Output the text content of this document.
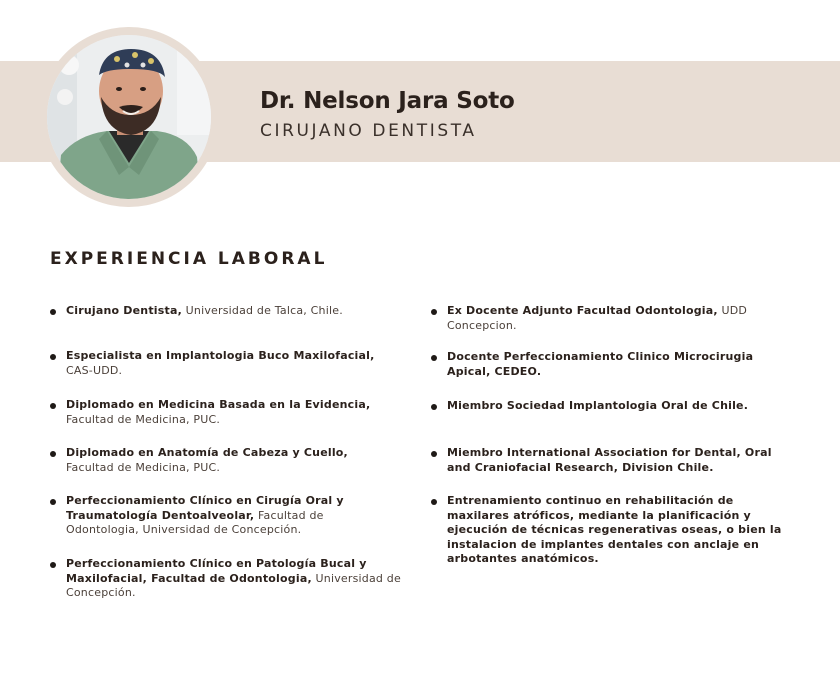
Dr. Nelson Jara Soto
CIRUJANO DENTISTA
EXPERIENCIA LABORAL
Cirujano Dentista, Universidad de Talca, Chile.
Especialista en Implantologia Buco Maxilofacial, CAS-UDD.
Diplomado en Medicina Basada en la Evidencia, Facultad de Medicina, PUC.
Diplomado en Anatomía de Cabeza y Cuello, Facultad de Medicina, PUC.
Perfeccionamiento Clínico en Cirugía Oral y Traumatología Dentoalveolar, Facultad de Odontologia, Universidad de Concepción.
Perfeccionamiento Clínico en Patología Bucal y Maxilofacial, Facultad de Odontologia, Universidad de Concepción.
Ex Docente Adjunto Facultad Odontologia, UDD Concepcion.
Docente Perfeccionamiento Clinico Microcirugia Apical, CEDEO.
Miembro Sociedad Implantologia Oral de Chile.
Miembro International Association for Dental, Oral and Craniofacial Research, Division Chile.
Entrenamiento continuo en rehabilitación de maxilares atróficos, mediante la planificación y ejecución de técnicas regenerativas oseas, o bien la instalacion de implantes dentales con anclaje en arbotantes anatómicos.
